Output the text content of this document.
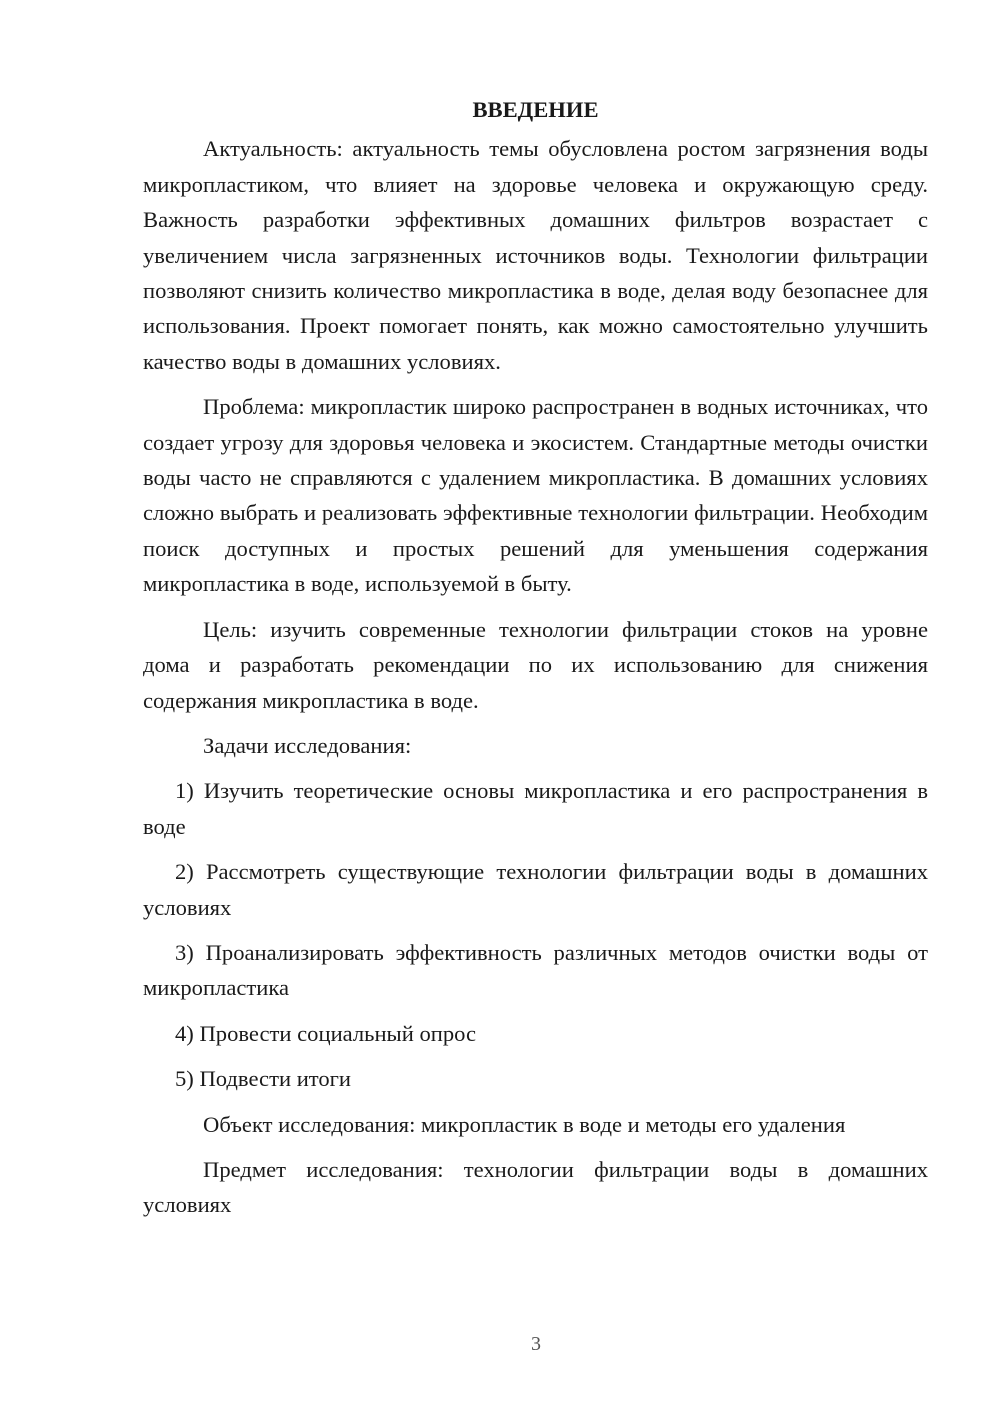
ВВЕДЕНИЕ

Актуальность: актуальность темы обусловлена ростом загрязнения воды микропластиком, что влияет на здоровье человека и окружающую среду. Важность разработки эффективных домашних фильтров возрастает с увеличением числа загрязненных источников воды. Технологии фильтрации позволяют снизить количество микропластика в воде, делая воду безопаснее для использования. Проект помогает понять, как можно самостоятельно улучшить качество воды в домашних условиях.

Проблема: микропластик широко распространен в водных источниках, что создает угрозу для здоровья человека и экосистем. Стандартные методы очистки воды часто не справляются с удалением микропластика. В домашних условиях сложно выбрать и реализовать эффективные технологии фильтрации. Необходим поиск доступных и простых решений для уменьшения содержания микропластика в воде, используемой в быту.

Цель: изучить современные технологии фильтрации стоков на уровне дома и разработать рекомендации по их использованию для снижения содержания микропластика в воде.

Задачи исследования:

1) Изучить теоретические основы микропластика и его распространения в воде

2) Рассмотреть существующие технологии фильтрации воды в домашних условиях

3) Проанализировать эффективность различных методов очистки воды от микропластика

4) Провести социальный опрос

5) Подвести итоги

Объект исследования: микропластик в воде и методы его удаления

Предмет исследования: технологии фильтрации воды в домашних условиях

3
